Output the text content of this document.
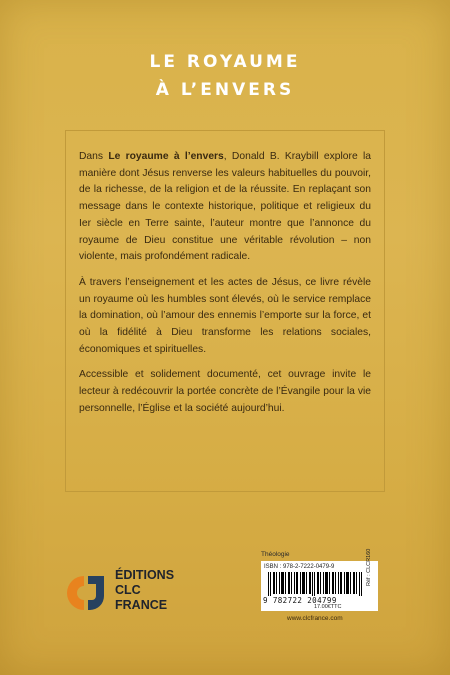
LE ROYAUME
À L’ENVERS

Dans Le royaume à l’envers, Donald B. Kraybill explore la manière dont Jésus renverse les valeurs habituelles du pouvoir, de la richesse, de la religion et de la réussite. En replaçant son message dans le contexte historique, politique et religieux du Ier siècle en Terre sainte, l’auteur montre que l’annonce du royaume de Dieu constitue une véritable révolution – non violente, mais profondément radicale.

À travers l’enseignement et les actes de Jésus, ce livre révèle un royaume où les humbles sont élevés, où le service remplace la domination, où l’amour des ennemis l’emporte sur la force, et où la fidélité à Dieu transforme les relations sociales, économiques et spirituelles.

Accessible et solidement documenté, cet ouvrage invite le lecteur à redécouvrir la portée concrète de l’Évangile pour la vie personnelle, l’Église et la société aujourd’hui.

ÉDITIONS
CLC
FRANCE
Théologie
ISBN : 978-2-7222-0479-9
9 782722 204799
17.00€TTC
Réf : CLCR160
www.clcfrance.com
